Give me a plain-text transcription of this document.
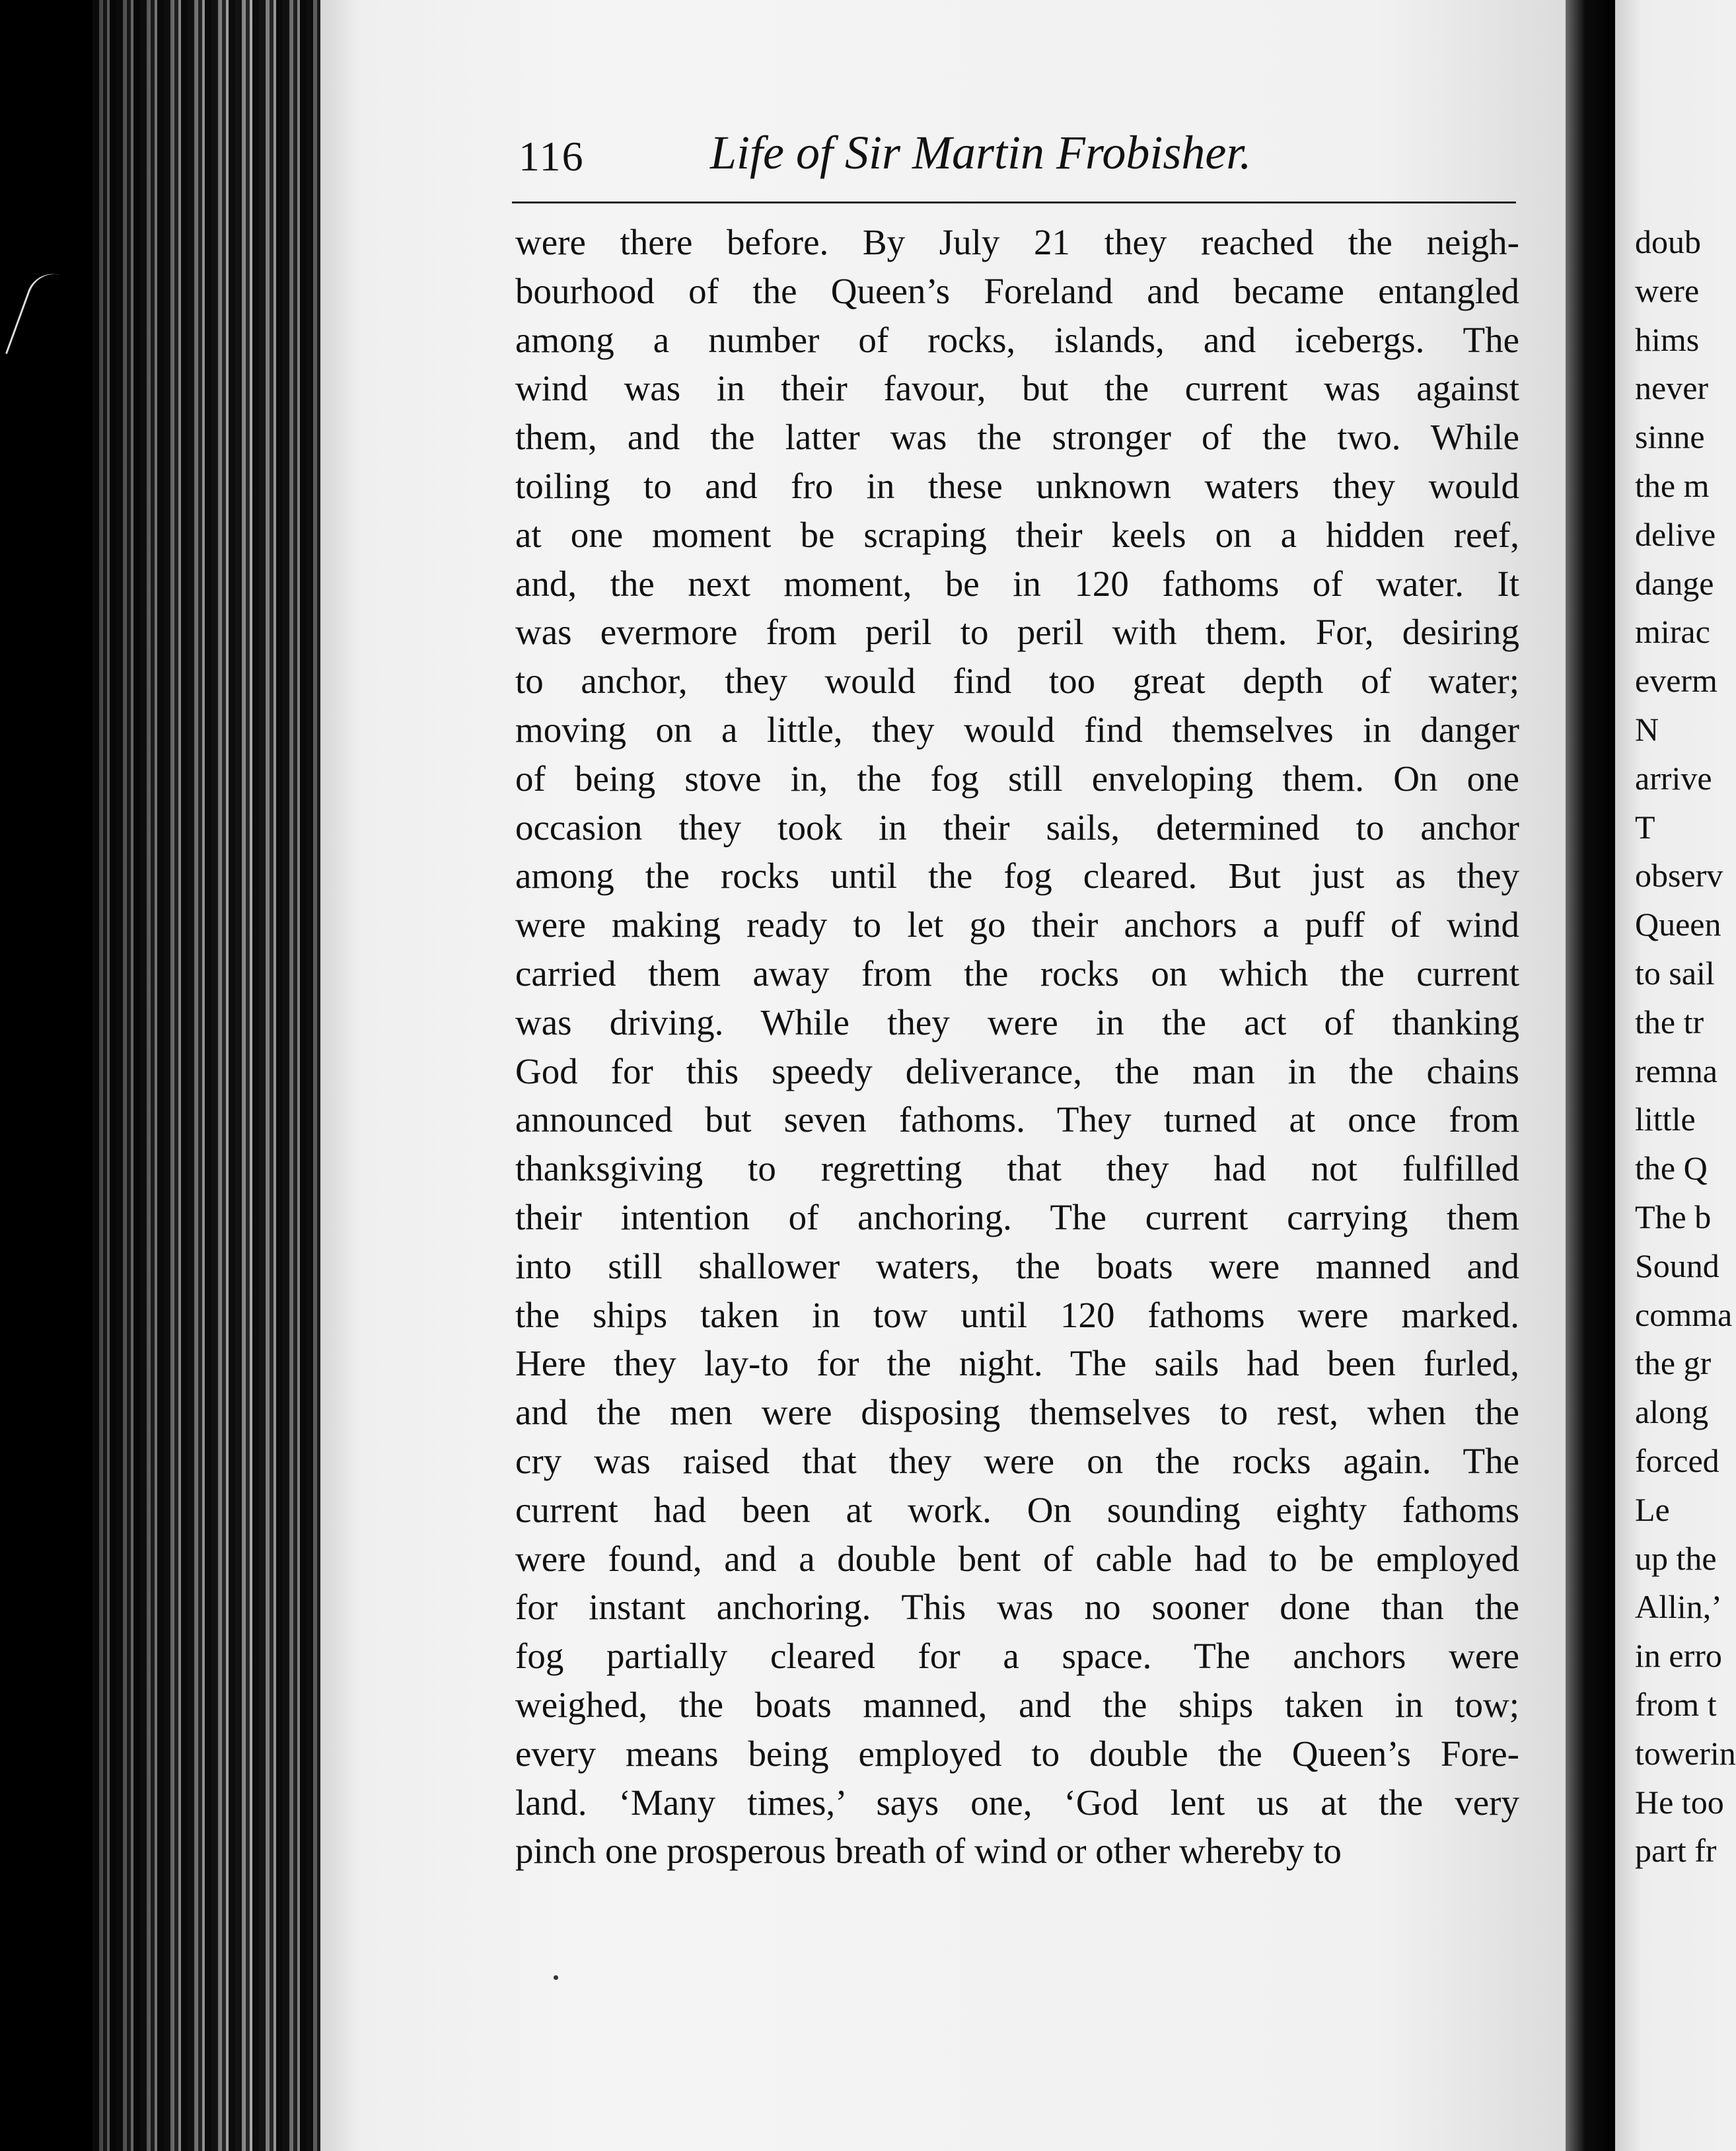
116	Life of Sir Martin Frobisher.
were there before. By July 21 they reached the neigh-
bourhood of the Queen’s Foreland and became entangled
among a number of rocks, islands, and icebergs. The
wind was in their favour, but the current was against
them, and the latter was the stronger of the two. While
toiling to and fro in these unknown waters they would
at one moment be scraping their keels on a hidden reef,
and, the next moment, be in 120 fathoms of water. It
was evermore from peril to peril with them. For, desiring
to anchor, they would find too great depth of water;
moving on a little, they would find themselves in danger
of being stove in, the fog still enveloping them. On one
occasion they took in their sails, determined to anchor
among the rocks until the fog cleared. But just as they
were making ready to let go their anchors a puff of wind
carried them away from the rocks on which the current
was driving. While they were in the act of thanking
God for this speedy deliverance, the man in the chains
announced but seven fathoms. They turned at once from
thanksgiving to regretting that they had not fulfilled
their intention of anchoring. The current carrying them
into still shallower waters, the boats were manned and
the ships taken in tow until 120 fathoms were marked.
Here they lay-to for the night. The sails had been furled,
and the men were disposing themselves to rest, when the
cry was raised that they were on the rocks again. The
current had been at work. On sounding eighty fathoms
were found, and a double bent of cable had to be employed
for instant anchoring. This was no sooner done than the
fog partially cleared for a space. The anchors were
weighed, the boats manned, and the ships taken in tow;
every means being employed to double the Queen’s Fore-
land. ‘Many times,’ says one, ‘God lent us at the very
pinch one prosperous breath of wind or other whereby to
doub
were
hims
never
sinne
the m
delive
dange
mirac
everm
N
arrive
T
observ
Queen
to sail
the tr
remna
little
the Q
The b
Sound
comma
the gr
along
forced
Le
up the
Allin,’
in erro
from t
towerin
He too
part fr
